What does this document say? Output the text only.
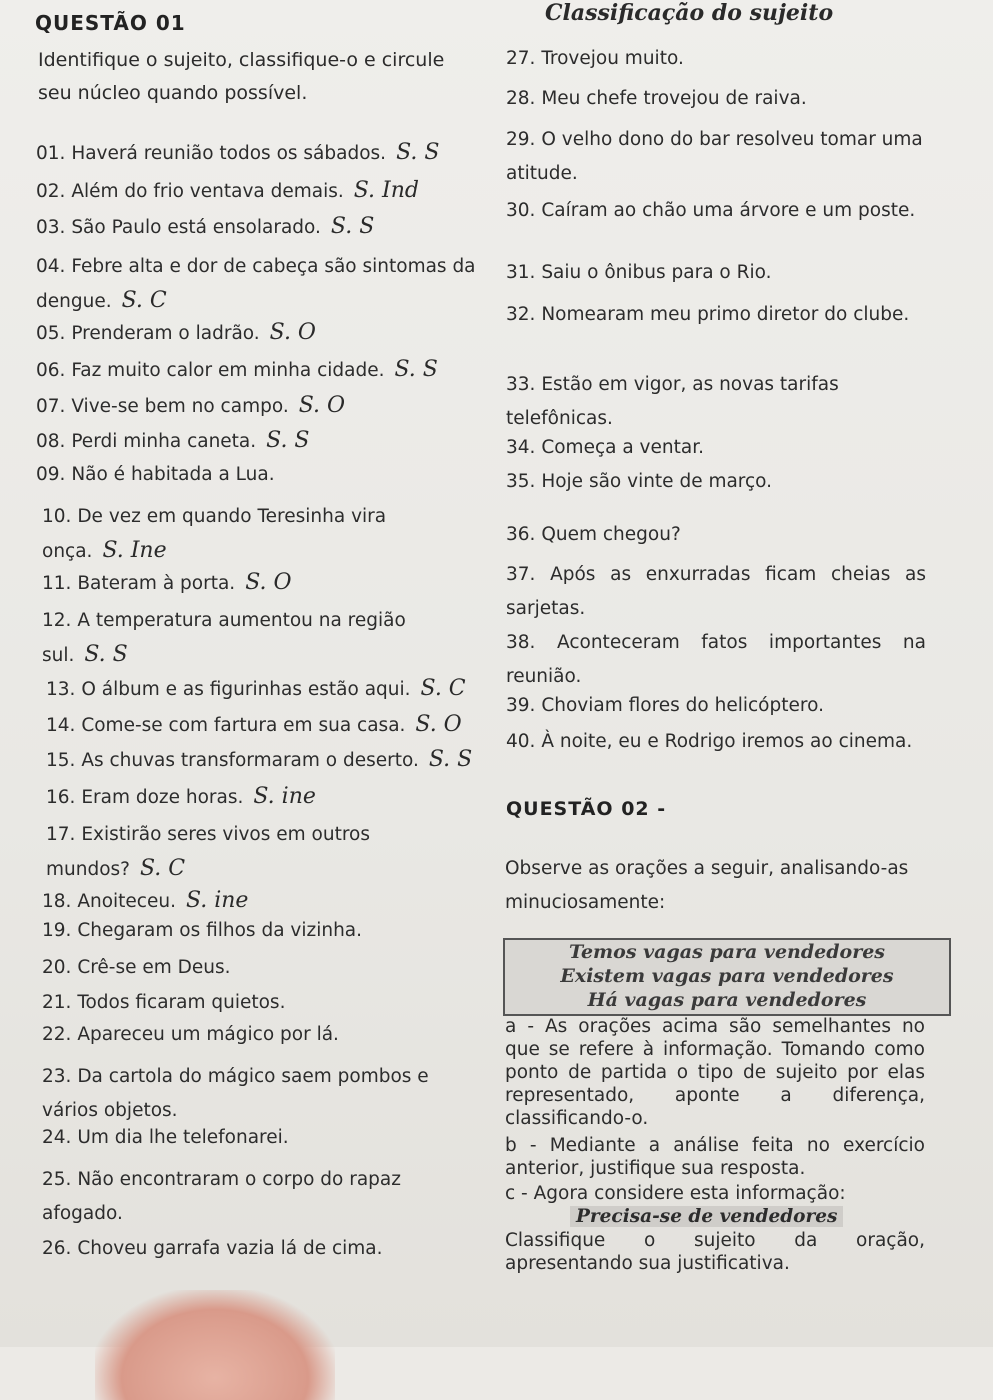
Classificação do sujeito
QUESTÃO 01
Identifique o sujeito, classifique-o e circule seu núcleo quando possível.
01. Haverá reunião todos os sábados. S. S
02. Além do frio ventava demais. S. Ind
03. São Paulo está ensolarado. S. S
04. Febre alta e dor de cabeça são sintomas da dengue. S. C
05. Prenderam o ladrão. S. O
06. Faz muito calor em minha cidade. S. S
07. Vive-se bem no campo. S. O
08. Perdi minha caneta. S. S
09. Não é habitada a Lua.
10. De vez em quando Teresinha vira onça. S. Ine
11. Bateram à porta. S. O
12. A temperatura aumentou na região sul. S. S
13. O álbum e as figurinhas estão aqui. S. C
14. Come-se com fartura em sua casa. S. O
15. As chuvas transformaram o deserto. S. S
16. Eram doze horas. S. ine
17. Existirão seres vivos em outros mundos? S. C
18. Anoiteceu. S. ine
19. Chegaram os filhos da vizinha.
20. Crê-se em Deus.
21. Todos ficaram quietos.
22. Apareceu um mágico por lá.
23. Da cartola do mágico saem pombos e vários objetos.
24. Um dia lhe telefonarei.
25. Não encontraram o corpo do rapaz afogado.
26. Choveu garrafa vazia lá de cima.
27. Trovejou muito.
28. Meu chefe trovejou de raiva.
29. O velho dono do bar resolveu tomar uma atitude.
30. Caíram ao chão uma árvore e um poste.
31. Saiu o ônibus para o Rio.
32. Nomearam meu primo diretor do clube.
33. Estão em vigor, as novas tarifas telefônicas.
34. Começa a ventar.
35. Hoje são vinte de março.
36. Quem chegou?
37. Após as enxurradas ficam cheias as sarjetas.
38. Aconteceram fatos importantes na reunião.
39. Choviam flores do helicóptero.
40. À noite, eu e Rodrigo iremos ao cinema.
QUESTÃO 02 -
Observe as orações a seguir, analisando-as minuciosamente:
Temos vagas para vendedores
Existem vagas para vendedores
Há vagas para vendedores
a - As orações acima são semelhantes no que se refere à informação. Tomando como ponto de partida o tipo de sujeito por elas representado, aponte a diferença, classificando-o.
b - Mediante a análise feita no exercício anterior, justifique sua resposta.
c - Agora considere esta informação:
Precisa-se de vendedores
Classifique o sujeito da oração, apresentando sua justificativa.
